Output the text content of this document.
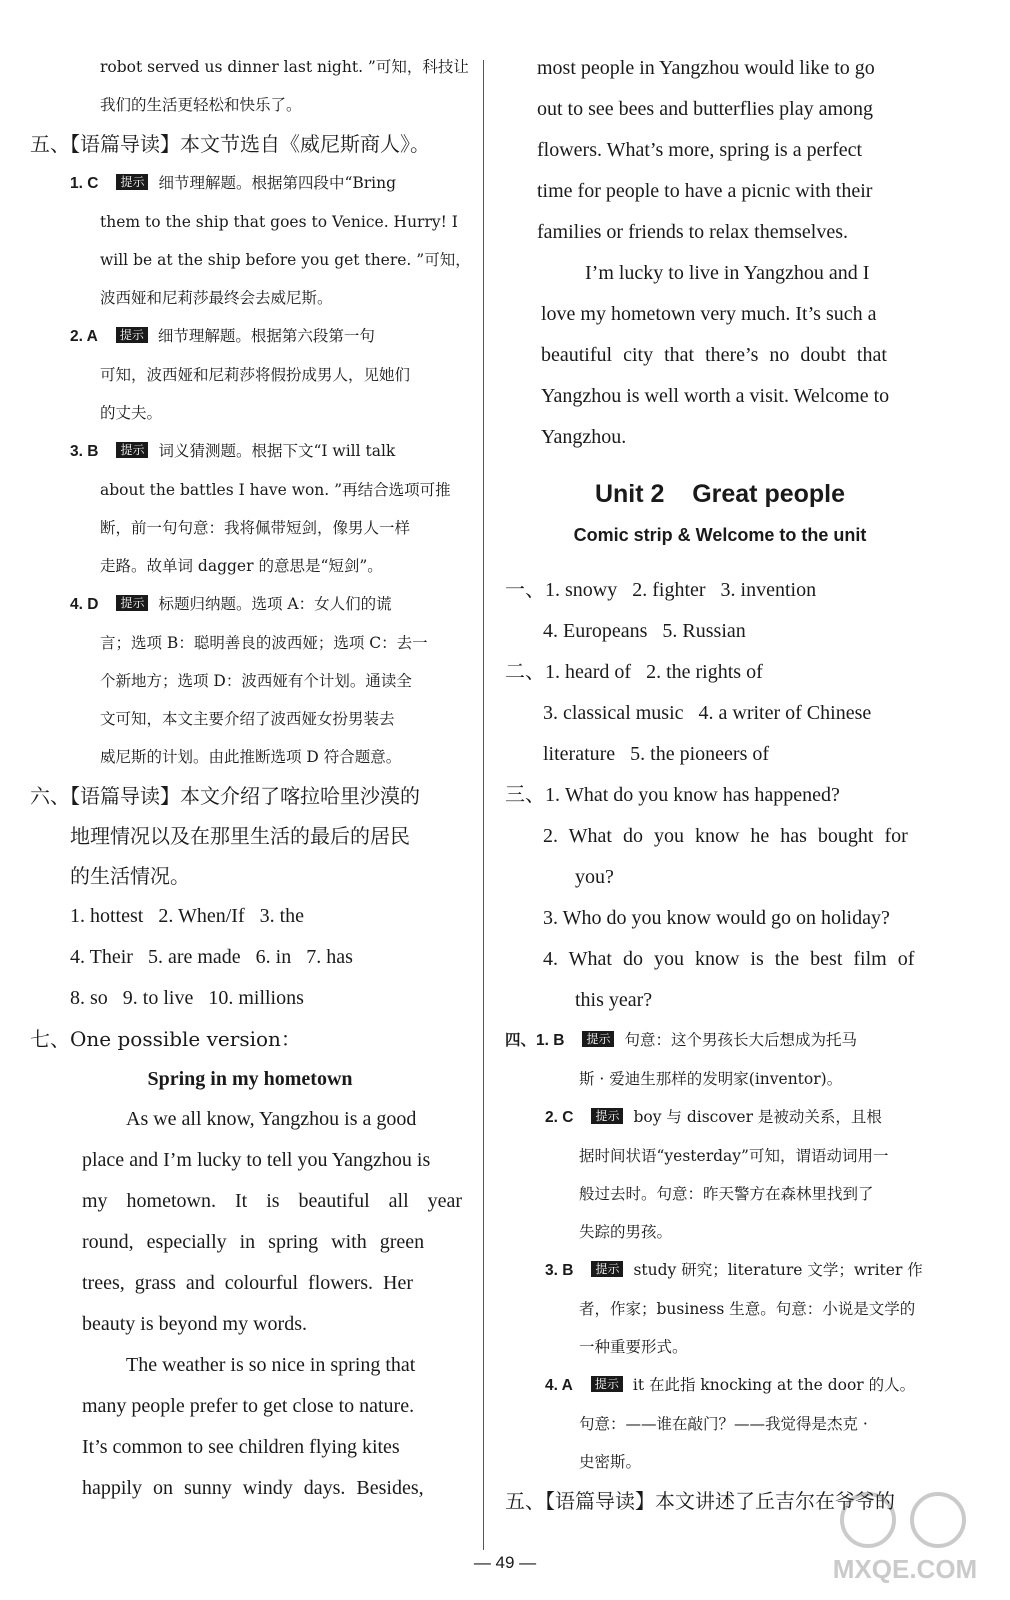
robot served us dinner last night. ”可知，科技让
我们的生活更轻松和快乐了。
五、【语篇导读】本文节选自《威尼斯商人》。
1. C 提示 细节理解题。根据第四段中“Bring
them to the ship that goes to Venice. Hurry! I
will be at the ship before you get there. ”可知，
波西娅和尼莉莎最终会去威尼斯。
2. A 提示 细节理解题。根据第六段第一句
可知，波西娅和尼莉莎将假扮成男人，见她们
的丈夫。
3. B 提示 词义猜测题。根据下文“I will talk
about the battles I have won. ”再结合选项可推
断，前一句句意：我将佩带短剑，像男人一样
走路。故单词 dagger 的意思是“短剑”。
4. D 提示 标题归纳题。选项 A：女人们的谎
言；选项 B：聪明善良的波西娅；选项 C：去一
个新地方；选项 D：波西娅有个计划。通读全
文可知，本文主要介绍了波西娅女扮男装去
威尼斯的计划。由此推断选项 D 符合题意。
六、【语篇导读】本文介绍了喀拉哈里沙漠的
地理情况以及在那里生活的最后的居民
的生活情况。
1. hottest   2. When/If   3. the
4. Their   5. are made   6. in   7. has
8. so   9. to live   10. millions
七、One possible version：
Spring in my hometown
As we all know, Yangzhou is a good
place and I’m lucky to tell you Yangzhou is
my hometown. It is beautiful all year
round, especially in spring with green
trees, grass and colourful flowers. Her
beauty is beyond my words.
The weather is so nice in spring that
many people prefer to get close to nature.
It’s common to see children flying kites
happily on sunny windy days. Besides,
most people in Yangzhou would like to go
out to see bees and butterflies play among
flowers. What’s more, spring is a perfect
time for people to have a picnic with their
families or friends to relax themselves.
I’m lucky to live in Yangzhou and I
love my hometown very much. It’s such a
beautiful city that there’s no doubt that
Yangzhou is well worth a visit. Welcome to
Yangzhou.
Unit 2    Great people
Comic strip & Welcome to the unit
一、1. snowy   2. fighter   3. invention
4. Europeans   5. Russian
二、1. heard of   2. the rights of
3. classical music   4. a writer of Chinese
literature   5. the pioneers of
三、1. What do you know has happened?
2. What do you know he has bought for
you?
3. Who do you know would go on holiday?
4. What do you know is the best film of
this year?
四、1. B 提示 句意：这个男孩长大后想成为托马
斯 · 爱迪生那样的发明家(inventor)。
2. C 提示 boy 与 discover 是被动关系，且根
据时间状语“yesterday”可知，谓语动词用一
般过去时。句意：昨天警方在森林里找到了
失踪的男孩。
3. B 提示 study 研究；literature 文学；writer 作
者，作家；business 生意。句意：小说是文学的
一种重要形式。
4. A 提示 it 在此指 knocking at the door 的人。
句意：——谁在敲门？——我觉得是杰克 ·
史密斯。
五、【语篇导读】本文讲述了丘吉尔在爷爷的
— 49 —	MXQE.COM
